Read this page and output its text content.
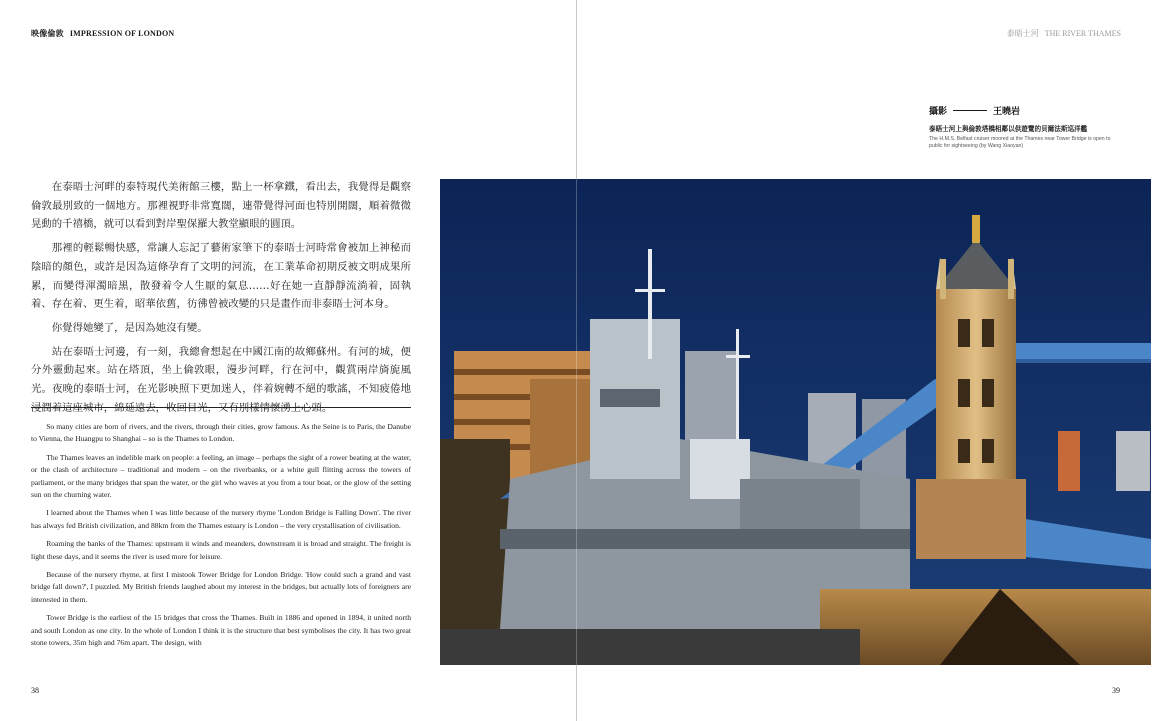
映像倫敦 IMPRESSION OF LONDON

在泰晤士河畔的泰特現代美術館三樓，點上一杯拿鐵，看出去，我覺得是觀察倫敦最別致的一個地方。那裡視野非常寬闊，連帶覺得河面也特別開闊，順着微微晃動的千禧橋，就可以看到對岸聖保羅大教堂顯眼的圓頂。

那裡的輕鬆暢快感，常讓人忘記了藝術家筆下的泰晤士河時常會被加上神秘而陰暗的顏色，或許是因為這條孕育了文明的河流，在工業革命初期反被文明成果所累，而變得渾濁暗黑，散發着令人生厭的氣息……好在她一直靜靜流淌着，固執着、存在着、更生着，昭華依舊，彷彿曾被改變的只是畫作而非泰晤士河本身。

你覺得她變了，是因為她沒有變。

站在泰晤士河邊，有一刻，我總會想起在中國江南的故鄉蘇州。有河的城，便分外靈動起來。站在塔頂，坐上倫敦眼，漫步河畔，行在河中，觀賞兩岸旖旎風光。夜晚的泰晤士河，在光影映照下更加迷人，伴着婉轉不絕的歌謠，不知疲倦地

So many cities are born of rivers, and the rivers, through their cities, grow famous. As the Seine is to Paris, the Danube to Vienna, the Huangpu to Shanghai – so is the Thames to London.

The Thames leaves an indelible mark on people: a feeling, an image – perhaps the sight of a rower beating at the water, or the clash of architecture – traditional and modern – on the riverbanks, or a white gull flitting across the towers of parliament, or the many bridges that span the water, or the girl who waves at you from a tour boat, or the glow of the setting sun on the churning water.

I learned about the Thames when I was little because of the nursery rhyme 'London Bridge is Falling Down'. The river has always fed British civilization, and 88km from the Thames estuary is London – the very crystallisation of civilisation.

Roaming the banks of the Thames: upstream it winds and meanders, downstream it is broad and straight. The freight is light these days, and it seems the river is used more for leisure.

Because of the nursery rhyme, at first I mistook Tower Bridge for London Bridge. 'How could such a grand and vast bridge fall down?', I puzzled. My British friends laughed about my interest in the bridges, but actually lots of foreigners are interested in them.

Tower Bridge is the earliest of the 15 bridges that cross the Thames. Built in 1886 and opened in 1894, it united north and south London as one city. In the whole of London I think it is the structure that best symbolises the city. It has two great stone towers, 35m high and 76m apart. The design, with

38
泰晤士河 THE RIVER THAMES
攝影	王曉岩
泰晤士河上與倫敦塔橋相鄰以供遊覽的貝爾法斯巡洋艦
The H.M.S. Belfast cruiser moored at the Thames near Tower Bridge is open to public for sightseeing (by Wang Xiaoyan)
39
